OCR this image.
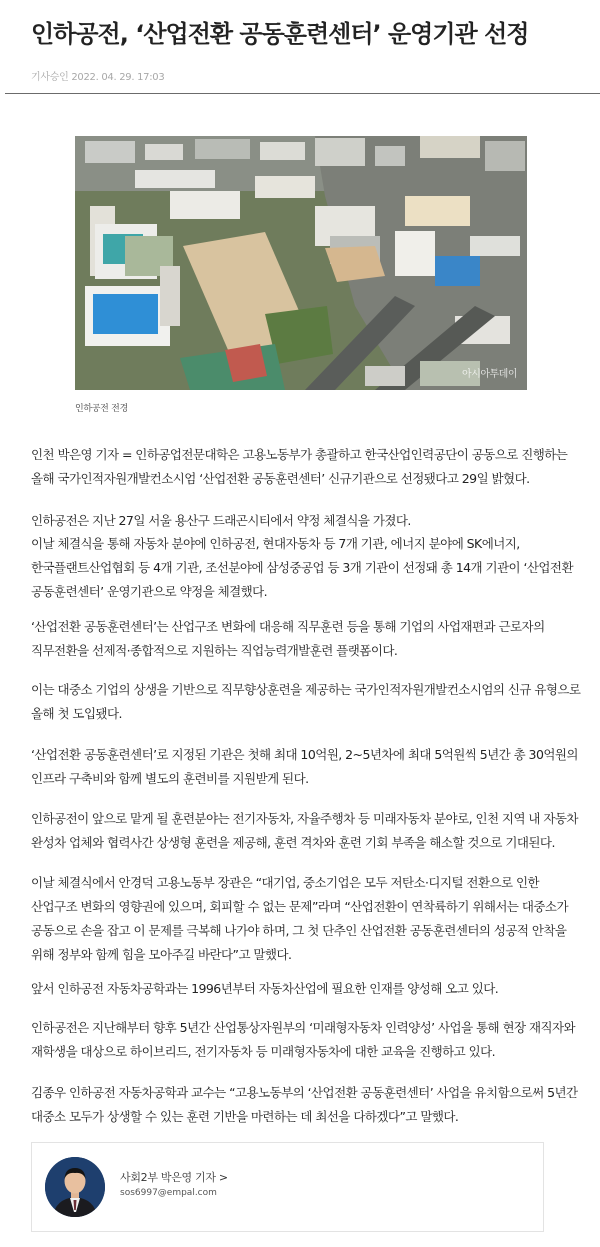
인하공전, ‘산업전환 공동훈련센터’ 운영기관 선정
기사승인 2022. 04. 29. 17:03
아시아투데이
인하공전 전경

인천 박은영 기자 = 인하공업전문대학은 고용노동부가 총괄하고 한국산업인력공단이 공동으로 진행하는 올해 국가인적자원개발컨소시엄 ‘산업전환 공동훈련센터’ 신규기관으로 선정됐다고 29일 밝혔다.

인하공전은 지난 27일 서울 용산구 드래곤시티에서 약정 체결식을 가졌다.

이날 체결식을 통해 자동차 분야에 인하공전, 현대자동차 등 7개 기관, 에너지 분야에 SK에너지, 한국플랜트산업협회 등 4개 기관, 조선분야에 삼성중공업 등 3개 기관이 선정돼 총 14개 기관이 ‘산업전환 공동훈련센터’ 운영기관으로 약정을 체결했다.

‘산업전환 공동훈련센터’는 산업구조 변화에 대응해 직무훈련 등을 통해 기업의 사업재편과 근로자의 직무전환을 선제적·종합적으로 지원하는 직업능력개발훈련 플랫폼이다.

이는 대중소 기업의 상생을 기반으로 직무향상훈련을 제공하는 국가인적자원개발컨소시엄의 신규 유형으로 올해 첫 도입됐다.

‘산업전환 공동훈련센터’로 지정된 기관은 첫해 최대 10억원, 2~5년차에 최대 5억원씩 5년간 총 30억원의 인프라 구축비와 함께 별도의 훈련비를 지원받게 된다.

인하공전이 앞으로 맡게 될 훈련분야는 전기자동차, 자율주행차 등 미래자동차 분야로, 인천 지역 내 자동차 완성차 업체와 협력사간 상생형 훈련을 제공해, 훈련 격차와 훈련 기회 부족을 해소할 것으로 기대된다.

이날 체결식에서 안경덕 고용노동부 장관은 “대기업, 중소기업은 모두 저탄소·디지털 전환으로 인한 산업구조 변화의 영향권에 있으며, 회피할 수 없는 문제”라며 “산업전환이 연착륙하기 위해서는 대중소가 공동으로 손을 잡고 이 문제를 극복해 나가야 하며, 그 첫 단추인 산업전환 공동훈련센터의 성공적 안착을 위해 정부와 함께 힘을 모아주길 바란다”고 말했다.

앞서 인하공전 자동차공학과는 1996년부터 자동차산업에 필요한 인재를 양성해 오고 있다.

인하공전은 지난해부터 향후 5년간 산업통상자원부의 ‘미래형자동차 인력양성’ 사업을 통해 현장 재직자와 재학생을 대상으로 하이브리드, 전기자동차 등 미래형자동차에 대한 교육을 진행하고 있다.

김종우 인하공전 자동차공학과 교수는 “고용노동부의 ‘산업전환 공동훈련센터’ 사업을 유치함으로써 5년간 대중소 모두가 상생할 수 있는 훈련 기반을 마련하는 데 최선을 다하겠다”고 말했다.

사회2부 박은영 기자 >
sos6997@empal.com
